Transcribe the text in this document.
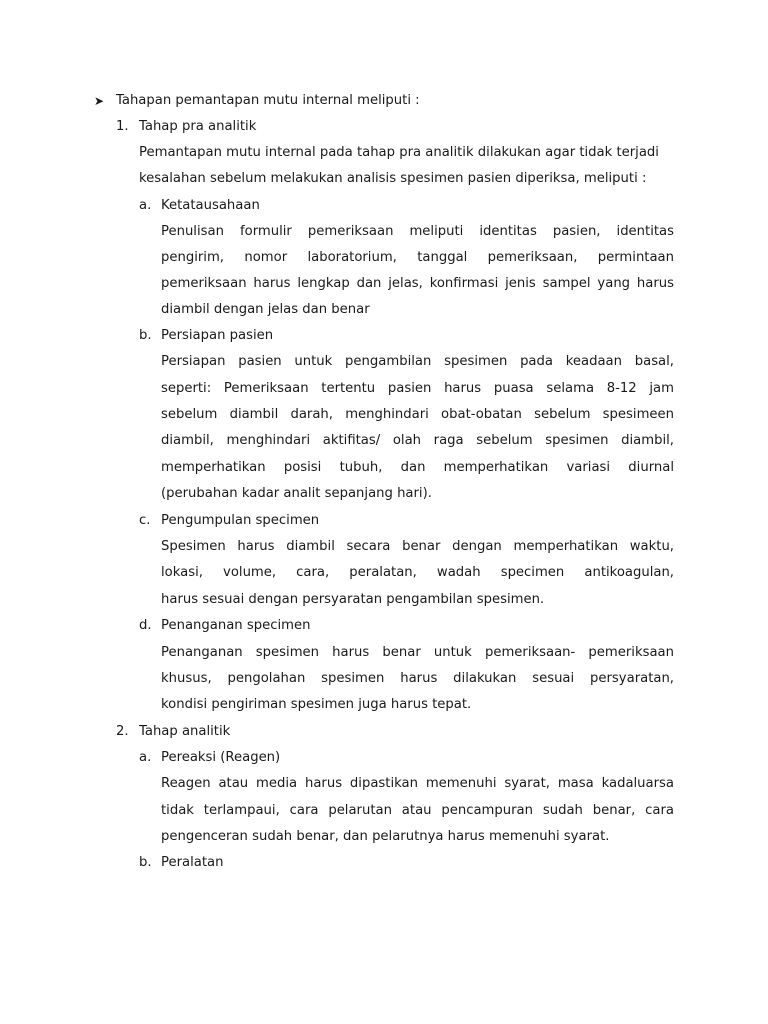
➤ Tahapan pemantapan mutu internal meliputi :
1. Tahap pra analitik
Pemantapan mutu internal pada tahap pra analitik dilakukan agar tidak terjadi
kesalahan sebelum melakukan analisis spesimen pasien diperiksa, meliputi :
a. Ketatausahaan
Penulisan formulir pemeriksaan meliputi identitas pasien, identitas
pengirim, nomor laboratorium, tanggal pemeriksaan, permintaan
pemeriksaan harus lengkap dan jelas, konfirmasi jenis sampel yang harus
diambil dengan jelas dan benar
b. Persiapan pasien
Persiapan pasien untuk pengambilan spesimen pada keadaan basal,
seperti: Pemeriksaan tertentu pasien harus puasa selama 8-12 jam
sebelum diambil darah, menghindari obat-obatan sebelum spesimeen
diambil, menghindari aktifitas/ olah raga sebelum spesimen diambil,
memperhatikan posisi tubuh, dan memperhatikan variasi diurnal
(perubahan kadar analit sepanjang hari).
c. Pengumpulan specimen
Spesimen harus diambil secara benar dengan memperhatikan waktu,
lokasi, volume, cara, peralatan, wadah specimen antikoagulan,
harus sesuai dengan persyaratan pengambilan spesimen.
d. Penanganan specimen
Penanganan spesimen harus benar untuk pemeriksaan- pemeriksaan
khusus, pengolahan spesimen harus dilakukan sesuai persyaratan,
kondisi pengiriman spesimen juga harus tepat.
2. Tahap analitik
a. Pereaksi (Reagen)
Reagen atau media harus dipastikan memenuhi syarat, masa kadaluarsa
tidak terlampaui, cara pelarutan atau pencampuran sudah benar, cara
pengenceran sudah benar, dan pelarutnya harus memenuhi syarat.
b. Peralatan
